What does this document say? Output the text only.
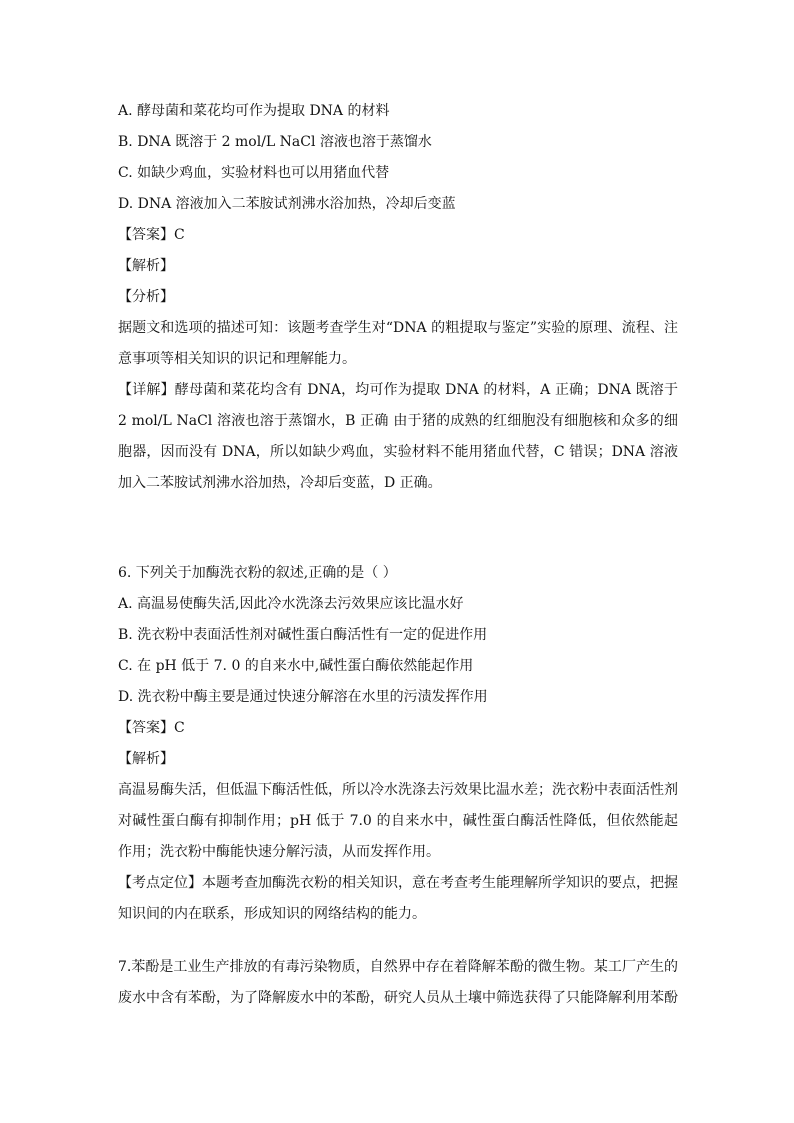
A. 酵母菌和菜花均可作为提取 DNA 的材料
B. DNA 既溶于 2 mol/L NaCl 溶液也溶于蒸馏水
C. 如缺少鸡血，实验材料也可以用猪血代替
D. DNA 溶液加入二苯胺试剂沸水浴加热，冷却后变蓝
【答案】C
【解析】
【分析】
据题文和选项的描述可知：该题考查学生对“DNA 的粗提取与鉴定”实验的原理、流程、注意事项等相关知识的识记和理解能力。
【详解】酵母菌和菜花均含有 DNA，均可作为提取 DNA 的材料，A 正确；DNA 既溶于 2 mol/L NaCl 溶液也溶于蒸馏水，B 正确 由于猪的成熟的红细胞没有细胞核和众多的细胞器，因而没有 DNA，所以如缺少鸡血，实验材料不能用猪血代替，C 错误；DNA 溶液加入二苯胺试剂沸水浴加热，冷却后变蓝，D 正确。
6. 下列关于加酶洗衣粉的叙述,正确的是（ ）
A. 高温易使酶失活,因此冷水洗涤去污效果应该比温水好
B. 洗衣粉中表面活性剂对碱性蛋白酶活性有一定的促进作用
C. 在 pH 低于 7. 0 的自来水中,碱性蛋白酶依然能起作用
D. 洗衣粉中酶主要是通过快速分解溶在水里的污渍发挥作用
【答案】C
【解析】
高温易酶失活，但低温下酶活性低，所以冷水洗涤去污效果比温水差；洗衣粉中表面活性剂对碱性蛋白酶有抑制作用；pH 低于 7.0 的自来水中，碱性蛋白酶活性降低，但依然能起作用；洗衣粉中酶能快速分解污渍，从而发挥作用。
【考点定位】本题考查加酶洗衣粉的相关知识，意在考查考生能理解所学知识的要点，把握知识间的内在联系，形成知识的网络结构的能力。
7.苯酚是工业生产排放的有毒污染物质，自然界中存在着降解苯酚的微生物。某工厂产生的废水中含有苯酚，为了降解废水中的苯酚，研究人员从土壤中筛选获得了只能降解利用苯酚
